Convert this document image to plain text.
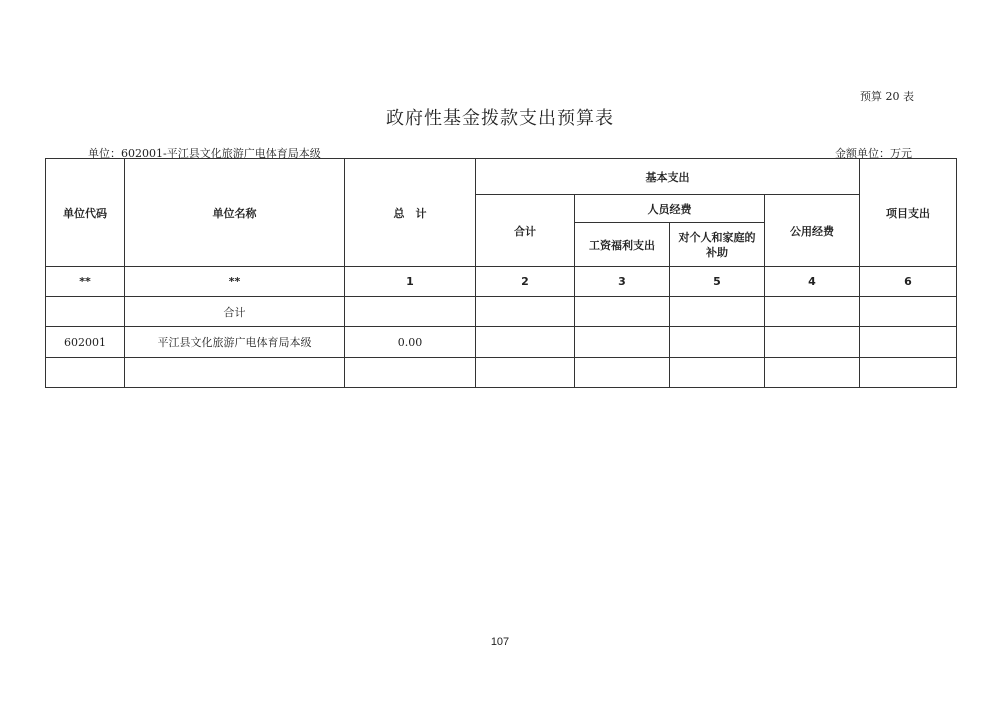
预算 20 表
政府性基金拨款支出预算表
单位：602001-平江县文化旅游广电体育局本级	金额单位：万元
单位代码	单位名称	总　计	基本支出				项目支出
			合计	人员经费		公用经费	
				工资福利支出	对个人和家庭的补助		
**	**	1	2	3	5	4	6
	合计						
602001	平江县文化旅游广电体育局本级	0.00					

107
